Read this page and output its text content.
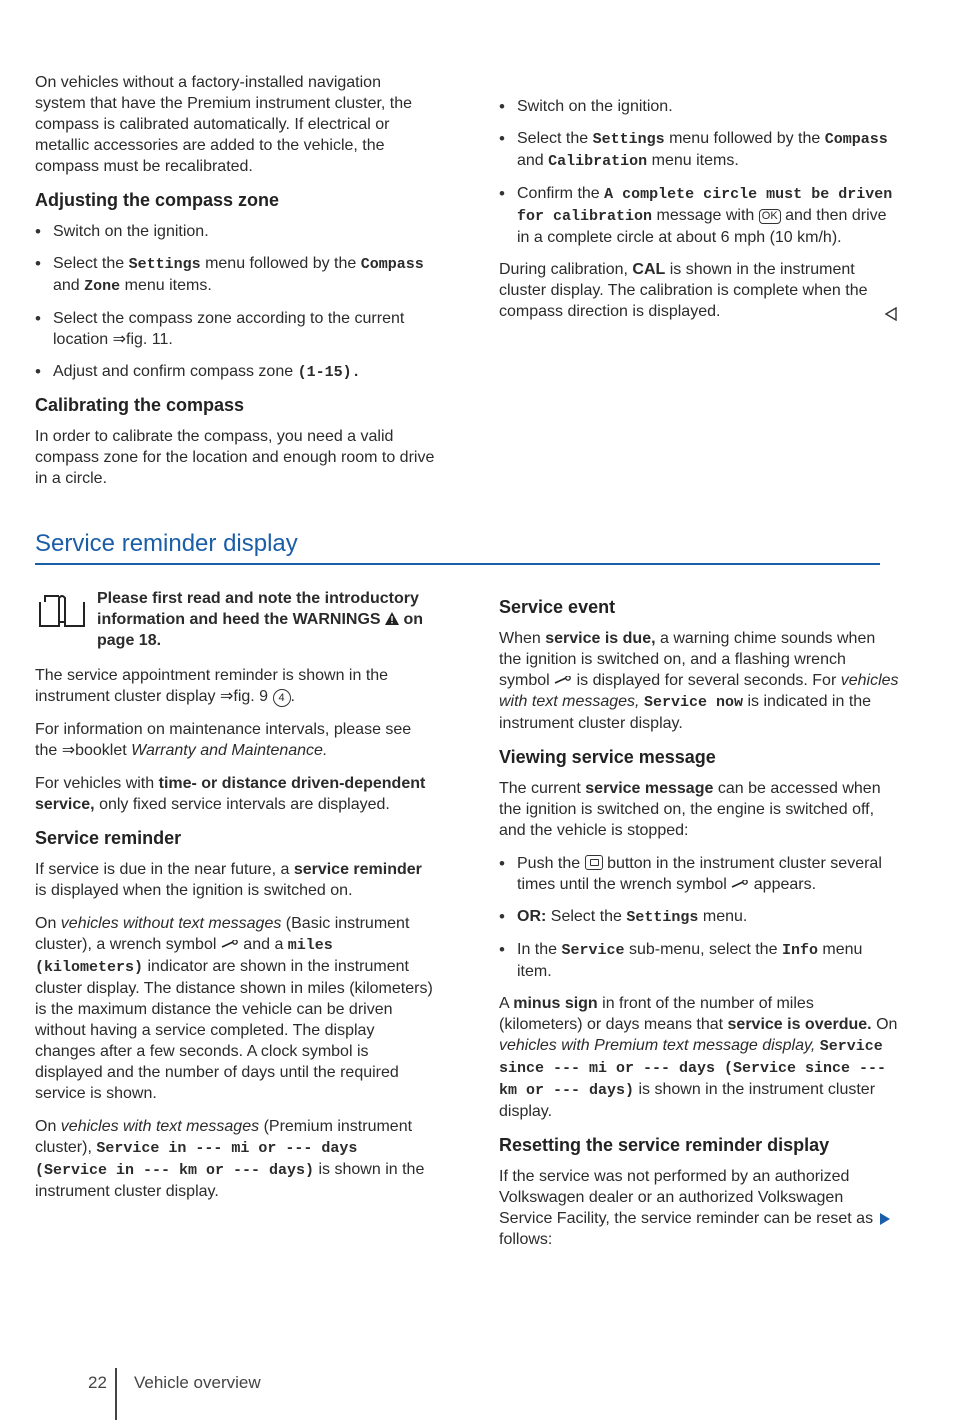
On vehicles without a factory-installed navigation system that have the Premium instrument cluster, the compass is calibrated automatically. If electrical or metallic accessories are added to the vehicle, the compass must be recalibrated.

Adjusting the compass zone
• Switch on the ignition.
• Select the Settings menu followed by the Compass and Zone menu items.
• Select the compass zone according to the current location ⇒fig. 11.
• Adjust and confirm compass zone (1-15).
Calibrating the compass

In order to calibrate the compass, you need a valid compass zone for the location and enough room to drive in a circle.

• Switch on the ignition.
• Select the Settings menu followed by the Compass and Calibration menu items.
• Confirm the A complete circle must be driven for calibration message with OK and then drive in a complete circle at about 6 mph (10 km/h).

During calibration, CAL is shown in the instrument cluster display. The calibration is complete when the compass direction is displayed.

Service reminder display
Please first read and note the introductory information and heed the WARNINGS on page 18.

The service appointment reminder is shown in the instrument cluster display ⇒fig. 9 4 .

For information on maintenance intervals, please see the ⇒booklet Warranty and Maintenance.

For vehicles with time- or distance driven-dependent service, only fixed service intervals are displayed.

Service reminder

If service is due in the near future, a service reminder is displayed when the ignition is switched on.

On vehicles without text messages (Basic instrument cluster), a wrench symbol and a miles (kilometers) indicator are shown in the instrument cluster display. The distance shown in miles (kilometers) is the maximum distance the vehicle can be driven without having a service completed. The display changes after a few seconds. A clock symbol is displayed and the number of days until the required service is shown.

On vehicles with text messages (Premium instrument cluster), Service in --- mi or --- days (Service in --- km or --- days) is shown in the instrument cluster display.

Service event

When service is due, a warning chime sounds when the ignition is switched on, and a flashing wrench symbol is displayed for several seconds. For vehicles with text messages, Service now is indicated in the instrument cluster display.

Viewing service message

The current service message can be accessed when the ignition is switched on, the engine is switched off, and the vehicle is stopped:

• Push the button in the instrument cluster several times until the wrench symbol appears.
• OR: Select the Settings menu.
• In the Service sub-menu, select the Info menu item.

A minus sign in front of the number of miles (kilometers) or days means that service is overdue. On vehicles with Premium text message display, Service since --- mi or --- days (Service since --- km or --- days) is shown in the instrument cluster display.

Resetting the service reminder display

If the service was not performed by an authorized Volkswagen dealer or an authorized Volkswagen Service Facility, the service reminder can be reset as follows:

22 Vehicle overview
